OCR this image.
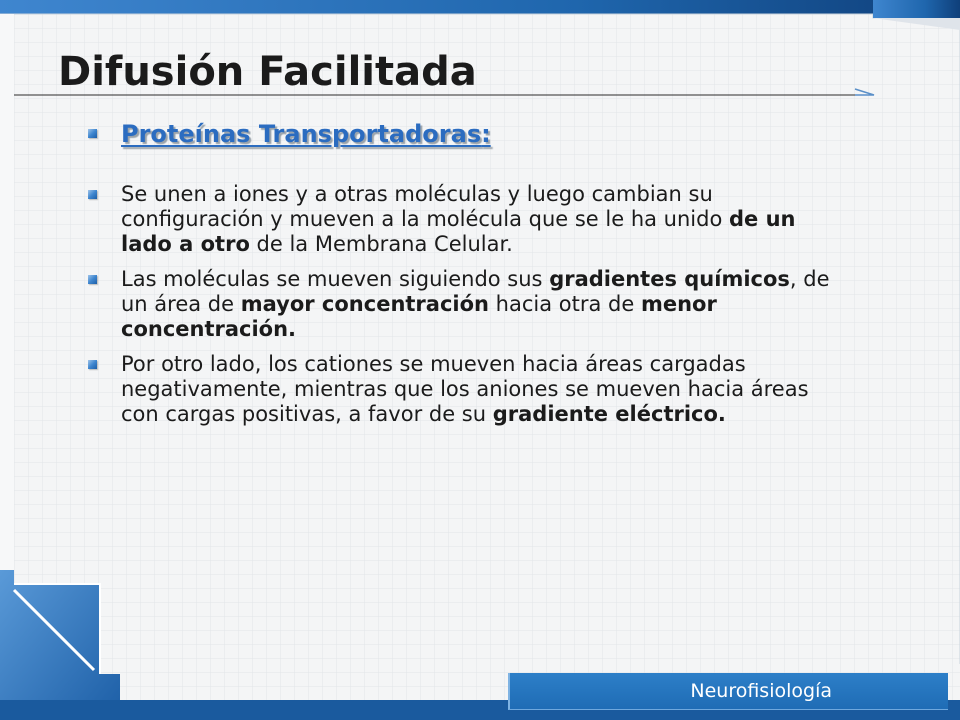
Difusión Facilitada
Proteínas Transportadoras:
Se unen a iones y a otras moléculas y luego cambian su configuración y mueven a la molécula que se le ha unido de un lado a otro de la Membrana Celular.
Las moléculas se mueven siguiendo sus gradientes químicos, de un área de mayor concentración hacia otra de menor concentración.
Por otro lado, los cationes se mueven hacia áreas cargadas negativamente, mientras que los aniones se mueven hacia áreas con cargas positivas, a favor de su gradiente eléctrico.
Neurofisiología
